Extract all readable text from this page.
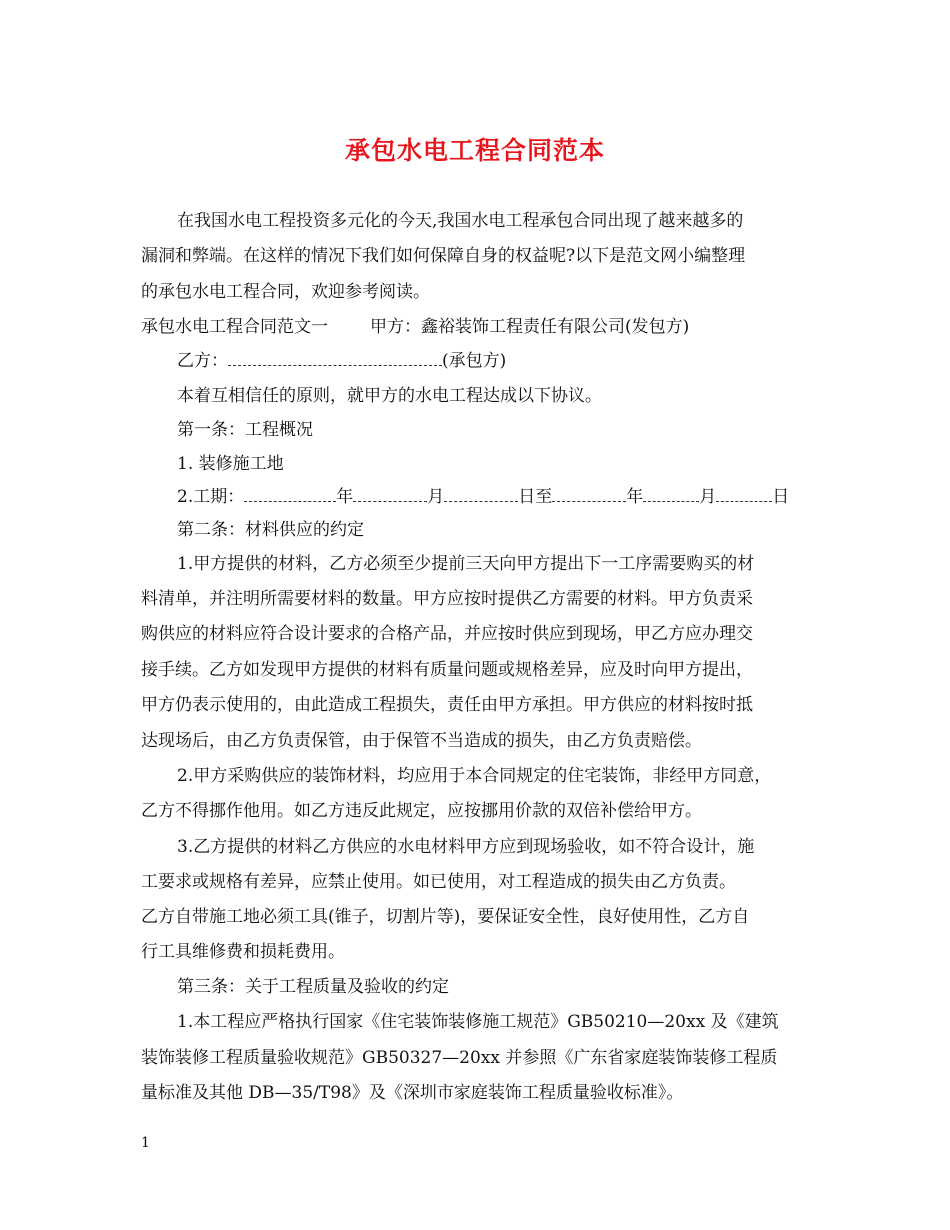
承包水电工程合同范本
在我国水电工程投资多元化的今天,我国水电工程承包合同出现了越来越多的
漏洞和弊端。在这样的情况下我们如何保障自身的权益呢?以下是范文网小编整理
的承包水电工程合同，欢迎参考阅读。
承包水电工程合同范文一 甲方：鑫裕装饰工程责任有限公司(发包方)
乙方：	(承包方)
本着互相信任的原则，就甲方的水电工程达成以下协议。
第一条：工程概况
1. 装修施工地
2.工期：	年	月	日至	年	月	日
第二条：材料供应的约定
1.甲方提供的材料，乙方必须至少提前三天向甲方提出下一工序需要购买的材
料清单，并注明所需要材料的数量。甲方应按时提供乙方需要的材料。甲方负责采
购供应的材料应符合设计要求的合格产品，并应按时供应到现场，甲乙方应办理交
接手续。乙方如发现甲方提供的材料有质量问题或规格差异，应及时向甲方提出，
甲方仍表示使用的，由此造成工程损失，责任由甲方承担。甲方供应的材料按时抵
达现场后，由乙方负责保管，由于保管不当造成的损失，由乙方负责赔偿。
2.甲方采购供应的装饰材料，均应用于本合同规定的住宅装饰，非经甲方同意，
乙方不得挪作他用。如乙方违反此规定，应按挪用价款的双倍补偿给甲方。
3.乙方提供的材料乙方供应的水电材料甲方应到现场验收，如不符合设计，施
工要求或规格有差异，应禁止使用。如已使用，对工程造成的损失由乙方负责。
乙方自带施工地必须工具(锥子，切割片等)，要保证安全性，良好使用性，乙方自
行工具维修费和损耗费用。
第三条：关于工程质量及验收的约定
1.本工程应严格执行国家《住宅装饰装修施工规范》GB50210—20xx 及《建筑
装饰装修工程质量验收规范》GB50327—20xx 并参照《广东省家庭装饰装修工程质
量标准及其他 DB—35/T98》及《深圳市家庭装饰工程质量验收标准》。
1
